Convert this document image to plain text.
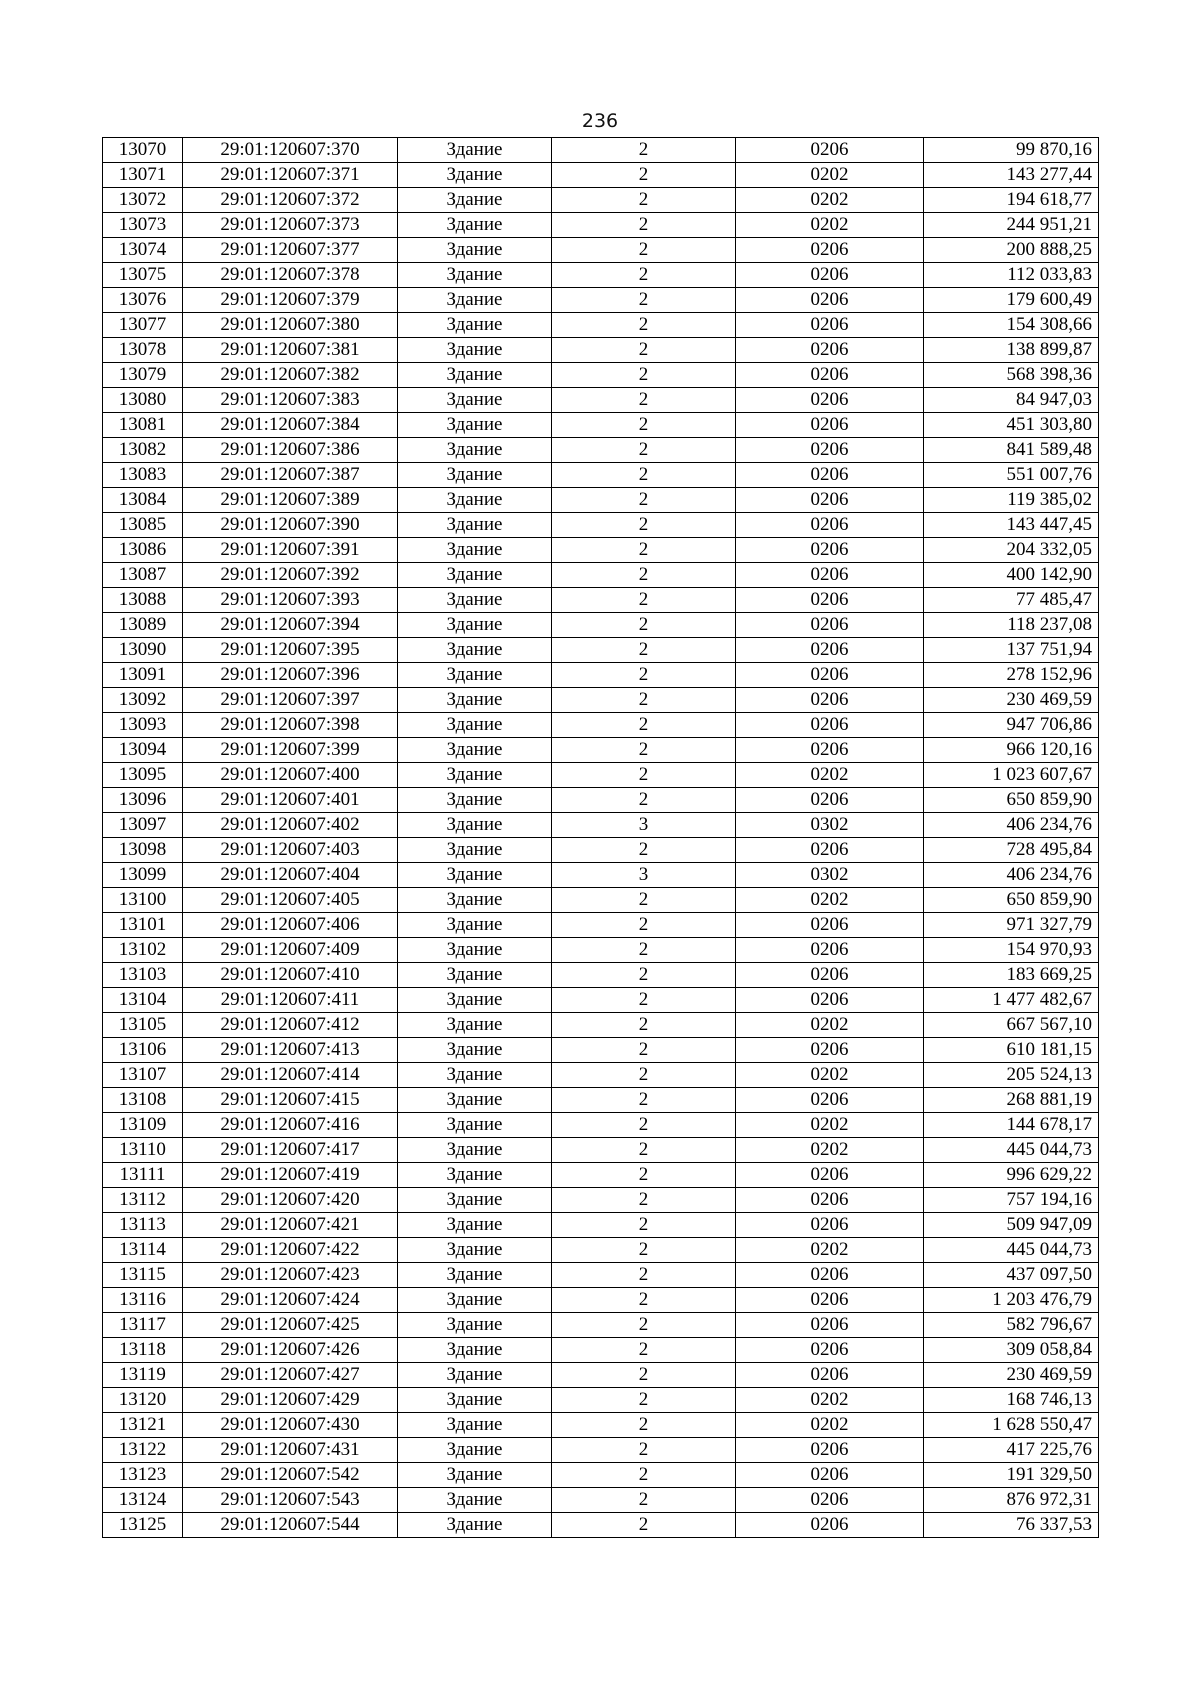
236
13070	29:01:120607:370	Здание	2	0206	99 870,16
13071	29:01:120607:371	Здание	2	0202	143 277,44
13072	29:01:120607:372	Здание	2	0202	194 618,77
13073	29:01:120607:373	Здание	2	0202	244 951,21
13074	29:01:120607:377	Здание	2	0206	200 888,25
13075	29:01:120607:378	Здание	2	0206	112 033,83
13076	29:01:120607:379	Здание	2	0206	179 600,49
13077	29:01:120607:380	Здание	2	0206	154 308,66
13078	29:01:120607:381	Здание	2	0206	138 899,87
13079	29:01:120607:382	Здание	2	0206	568 398,36
13080	29:01:120607:383	Здание	2	0206	84 947,03
13081	29:01:120607:384	Здание	2	0206	451 303,80
13082	29:01:120607:386	Здание	2	0206	841 589,48
13083	29:01:120607:387	Здание	2	0206	551 007,76
13084	29:01:120607:389	Здание	2	0206	119 385,02
13085	29:01:120607:390	Здание	2	0206	143 447,45
13086	29:01:120607:391	Здание	2	0206	204 332,05
13087	29:01:120607:392	Здание	2	0206	400 142,90
13088	29:01:120607:393	Здание	2	0206	77 485,47
13089	29:01:120607:394	Здание	2	0206	118 237,08
13090	29:01:120607:395	Здание	2	0206	137 751,94
13091	29:01:120607:396	Здание	2	0206	278 152,96
13092	29:01:120607:397	Здание	2	0206	230 469,59
13093	29:01:120607:398	Здание	2	0206	947 706,86
13094	29:01:120607:399	Здание	2	0206	966 120,16
13095	29:01:120607:400	Здание	2	0202	1 023 607,67
13096	29:01:120607:401	Здание	2	0206	650 859,90
13097	29:01:120607:402	Здание	3	0302	406 234,76
13098	29:01:120607:403	Здание	2	0206	728 495,84
13099	29:01:120607:404	Здание	3	0302	406 234,76
13100	29:01:120607:405	Здание	2	0202	650 859,90
13101	29:01:120607:406	Здание	2	0206	971 327,79
13102	29:01:120607:409	Здание	2	0206	154 970,93
13103	29:01:120607:410	Здание	2	0206	183 669,25
13104	29:01:120607:411	Здание	2	0206	1 477 482,67
13105	29:01:120607:412	Здание	2	0202	667 567,10
13106	29:01:120607:413	Здание	2	0206	610 181,15
13107	29:01:120607:414	Здание	2	0202	205 524,13
13108	29:01:120607:415	Здание	2	0206	268 881,19
13109	29:01:120607:416	Здание	2	0202	144 678,17
13110	29:01:120607:417	Здание	2	0202	445 044,73
13111	29:01:120607:419	Здание	2	0206	996 629,22
13112	29:01:120607:420	Здание	2	0206	757 194,16
13113	29:01:120607:421	Здание	2	0206	509 947,09
13114	29:01:120607:422	Здание	2	0202	445 044,73
13115	29:01:120607:423	Здание	2	0206	437 097,50
13116	29:01:120607:424	Здание	2	0206	1 203 476,79
13117	29:01:120607:425	Здание	2	0206	582 796,67
13118	29:01:120607:426	Здание	2	0206	309 058,84
13119	29:01:120607:427	Здание	2	0206	230 469,59
13120	29:01:120607:429	Здание	2	0202	168 746,13
13121	29:01:120607:430	Здание	2	0202	1 628 550,47
13122	29:01:120607:431	Здание	2	0206	417 225,76
13123	29:01:120607:542	Здание	2	0206	191 329,50
13124	29:01:120607:543	Здание	2	0206	876 972,31
13125	29:01:120607:544	Здание	2	0206	76 337,53
